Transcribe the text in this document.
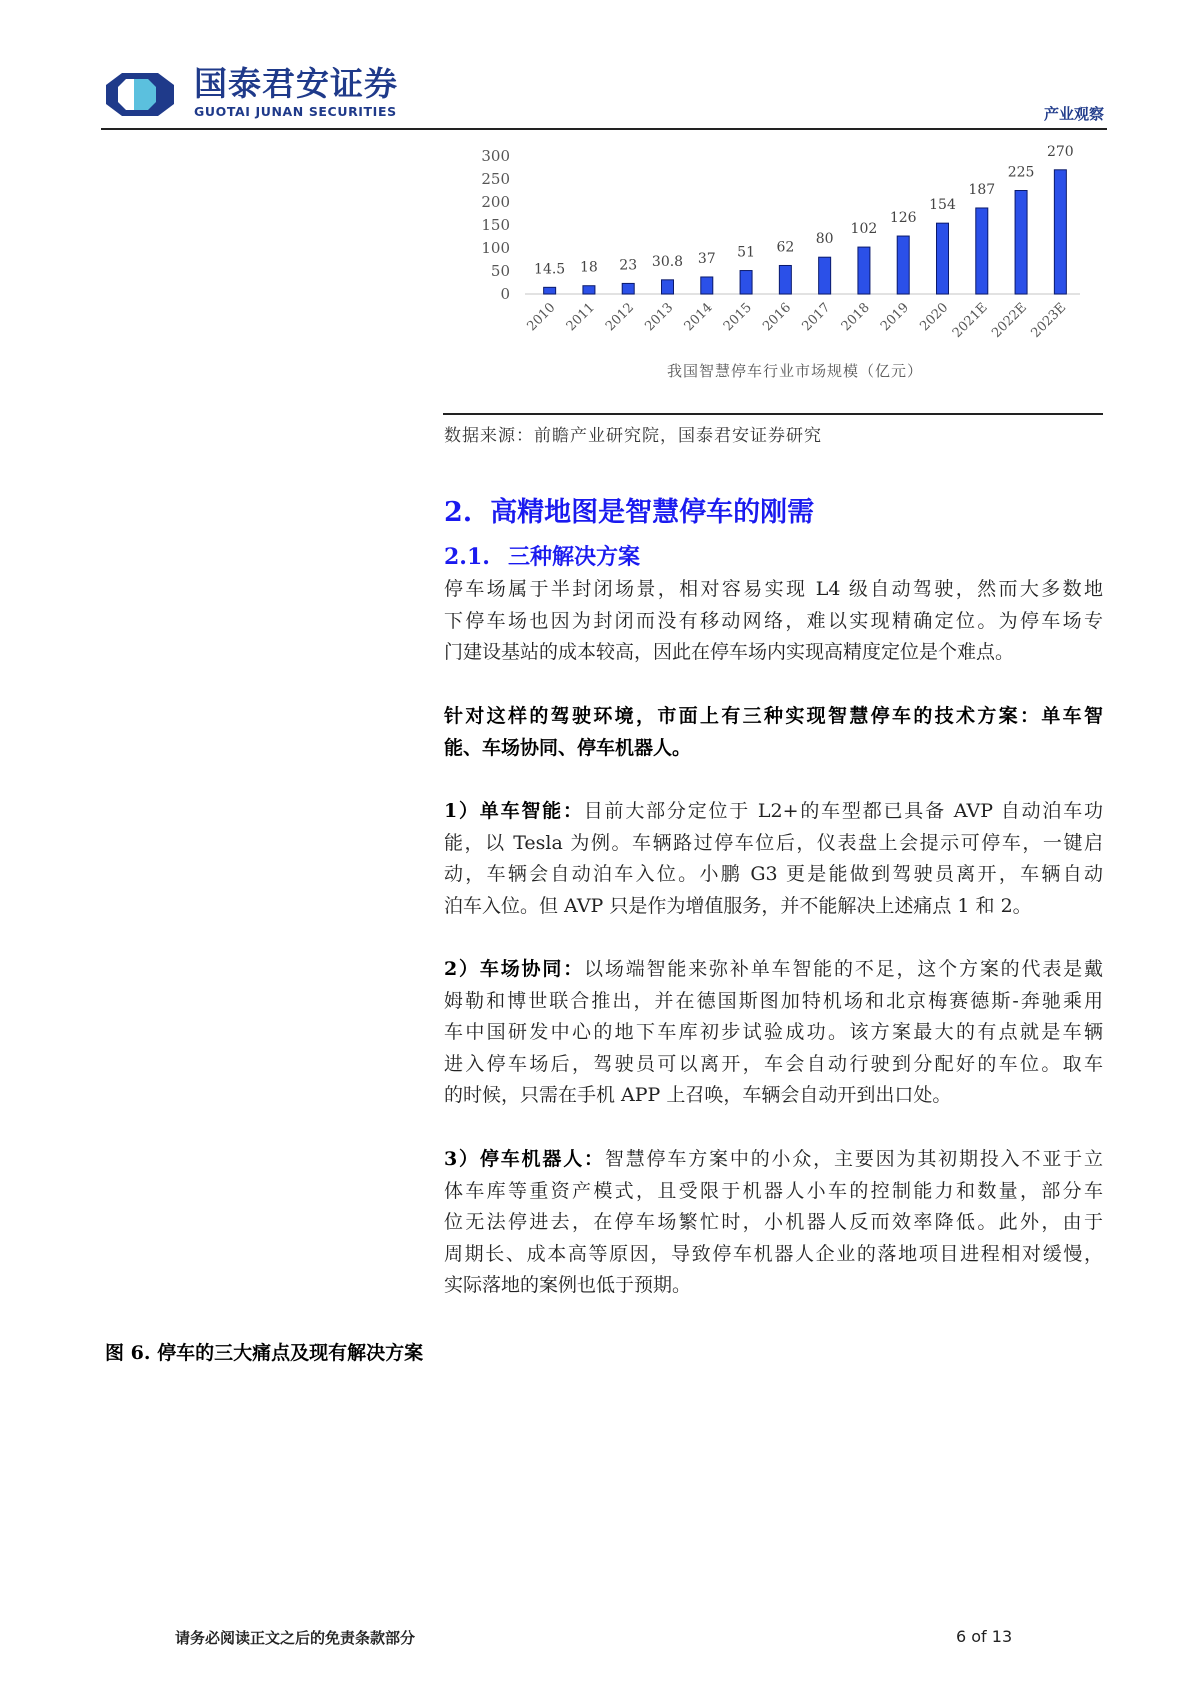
国泰君安证券
GUOTAI JUNAN SECURITIES	产业观察
0
50
100
150
200
250
300
14.5
2010
18
2011
23
2012
30.8
2013
37
2014
51
2015
62
2016
80
2017
102
2018
126
2019
154
2020
187
2021E
225
2022E
270
2023E
我国智慧停车行业市场规模（亿元）
数据来源：前瞻产业研究院，国泰君安证券研究
2. 高精地图是智慧停车的刚需
2.1. 三种解决方案
停车场属于半封闭场景，相对容易实现 L4 级自动驾驶，然而大多数地
下停车场也因为封闭而没有移动网络，难以实现精确定位。为停车场专
门建设基站的成本较高，因此在停车场内实现高精度定位是个难点。
针对这样的驾驶环境，市面上有三种实现智慧停车的技术方案：单车智
能、车场协同、停车机器人。
1）单车智能：目前大部分定位于 L2+的车型都已具备 AVP 自动泊车功
能，以 Tesla 为例。车辆路过停车位后，仪表盘上会提示可停车，一键启
动，车辆会自动泊车入位。小鹏 G3 更是能做到驾驶员离开，车辆自动
泊车入位。但 AVP 只是作为增值服务，并不能解决上述痛点 1 和 2。
2）车场协同：以场端智能来弥补单车智能的不足，这个方案的代表是戴
姆勒和博世联合推出，并在德国斯图加特机场和北京梅赛德斯-奔驰乘用
车中国研发中心的地下车库初步试验成功。该方案最大的有点就是车辆
进入停车场后，驾驶员可以离开，车会自动行驶到分配好的车位。取车
的时候，只需在手机 APP 上召唤，车辆会自动开到出口处。
3）停车机器人：智慧停车方案中的小众，主要因为其初期投入不亚于立
体车库等重资产模式，且受限于机器人小车的控制能力和数量，部分车
位无法停进去，在停车场繁忙时，小机器人反而效率降低。此外，由于
周期长、成本高等原因，导致停车机器人企业的落地项目进程相对缓慢，
实际落地的案例也低于预期。
图 6. 停车的三大痛点及现有解决方案
请务必阅读正文之后的免责条款部分	6 of 13
